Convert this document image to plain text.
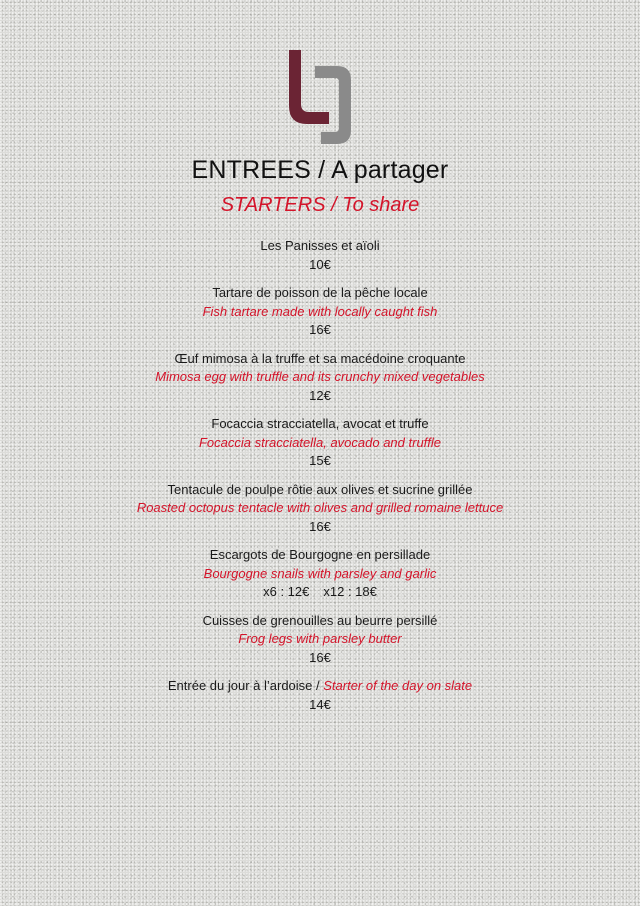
ENTREES / A partager
STARTERS / To share
Les Panisses et aïoli
10€
Tartare de poisson de la pêche locale
Fish tartare made with locally caught fish
16€
Œuf mimosa à la truffe et sa macédoine croquante
Mimosa egg with truffle and its crunchy mixed vegetables
12€
Focaccia stracciatella, avocat et truffe
Focaccia stracciatella, avocado and truffle
15€
Tentacule de poulpe rôtie aux olives et sucrine grillée
Roasted octopus tentacle with olives and grilled romaine lettuce
16€
Escargots de Bourgogne en persillade
Bourgogne snails with parsley and garlic
x6 : 12€ x12 : 18€
Cuisses de grenouilles au beurre persillé
Frog legs with parsley butter
16€
Entrée du jour à l’ardoise / Starter of the day on slate
14€
